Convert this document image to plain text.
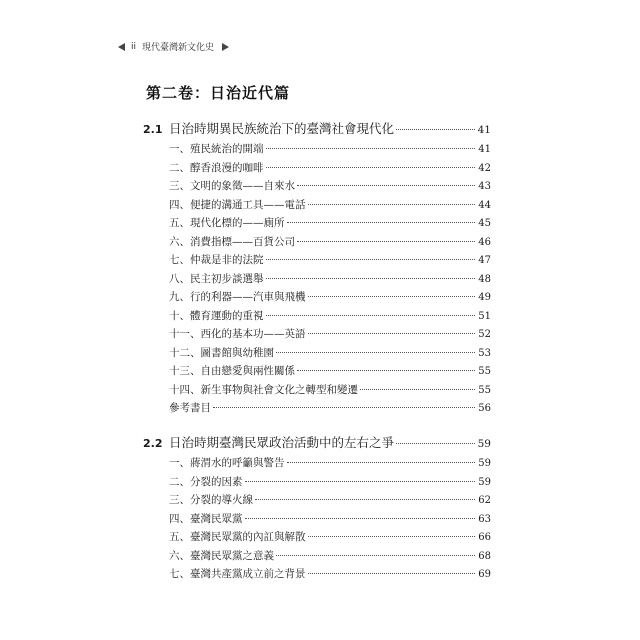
ii 現代臺灣新文化史
第二卷：日治近代篇
2.1 日治時期異民族統治下的臺灣社會現代化	41
一、殖民統治的開端	41
二、醇香浪漫的咖啡	42
三、文明的象徵——自來水	43
四、便捷的溝通工具——電話	44
五、現代化標的——廁所	45
六、消費指標——百貨公司	46
七、仲裁是非的法院	47
八、民主初步談選舉	48
九、行的利器——汽車與飛機	49
十、體育運動的重視	51
十一、西化的基本功——英語	52
十二、圖書館與幼稚園	53
十三、自由戀愛與兩性關係	55
十四、新生事物與社會文化之轉型和變遷	55
參考書目	56
2.2 日治時期臺灣民眾政治活動中的左右之爭	59
一、蔣渭水的呼籲與警告	59
二、分裂的因素	59
三、分裂的導火線	62
四、臺灣民眾黨	63
五、臺灣民眾黨的內訌與解散	66
六、臺灣民眾黨之意義	68
七、臺灣共產黨成立前之背景	69
